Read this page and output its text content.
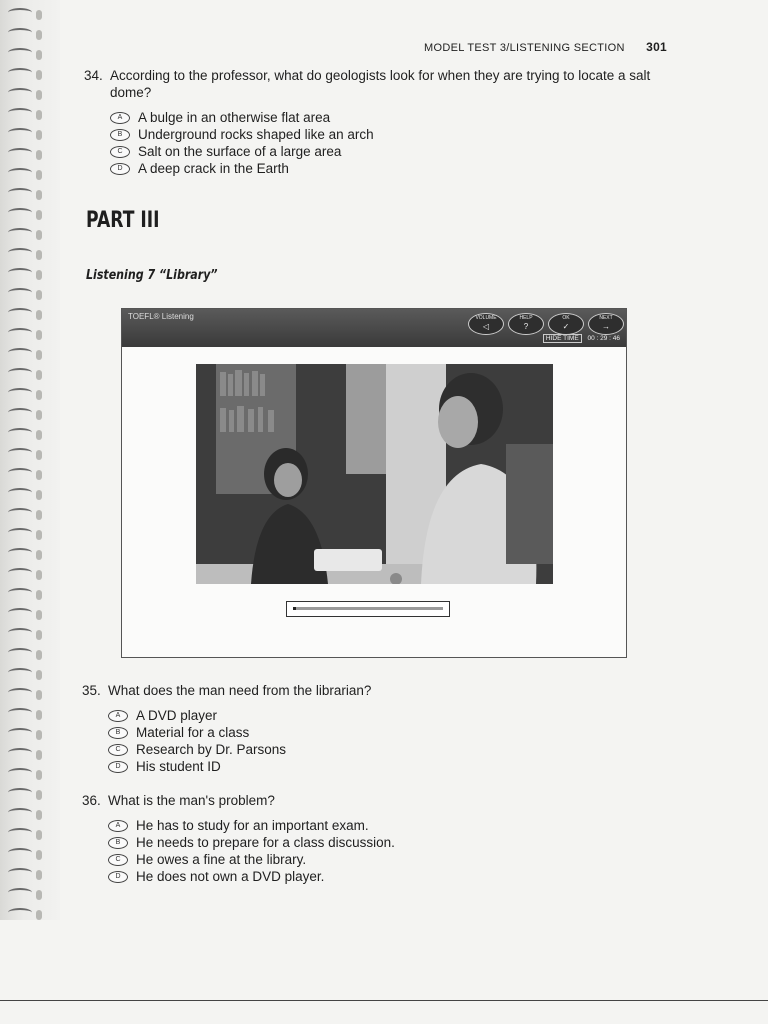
MODEL TEST 3/LISTENING SECTION 301
34. According to the professor, what do geologists look for when they are trying to locate a salt dome?
A	A bulge in an otherwise flat area
B	Underground rocks shaped like an arch
C	Salt on the surface of a large area
D	A deep crack in the Earth
PART III
Listening 7 “Library”
TOEFL® Listening	VOLUME
◁
HELP
?
OK
✓
NEXT
→
HIDE TIME 00 : 29 : 46
35. What does the man need from the librarian?
A	A DVD player
B	Material for a class
C	Research by Dr. Parsons
D	His student ID
36. What is the man's problem?
A	He has to study for an important exam.
B	He needs to prepare for a class discussion.
C	He owes a fine at the library.
D	He does not own a DVD player.
